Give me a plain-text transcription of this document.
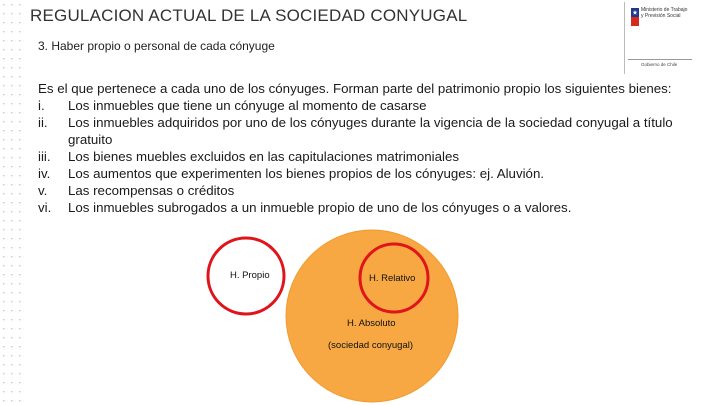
REGULACION ACTUAL DE LA SOCIEDAD CONYUGAL
3. Haber propio o personal de cada cónyuge
Ministerio de Trabajo y Previsión Social
Gobierno de Chile
Es el que pertenece a cada uno de los cónyuges. Forman parte del patrimonio propio los siguientes bienes:
i.	Los inmuebles que tiene un cónyuge al momento de casarse
ii.	Los inmuebles adquiridos por uno de los cónyuges durante la vigencia de la sociedad conyugal a título gratuito
iii.	Los bienes muebles excluidos en las capitulaciones matrimoniales
iv.	Los aumentos que experimenten los bienes propios de los cónyuges: ej. Aluvión.
v.	Las recompensas o créditos
vi.	Los inmuebles subrogados a un inmueble propio de uno de los cónyuges o a valores.
H. Propio	H. Relativo
H. Absoluto
(sociedad conyugal)
